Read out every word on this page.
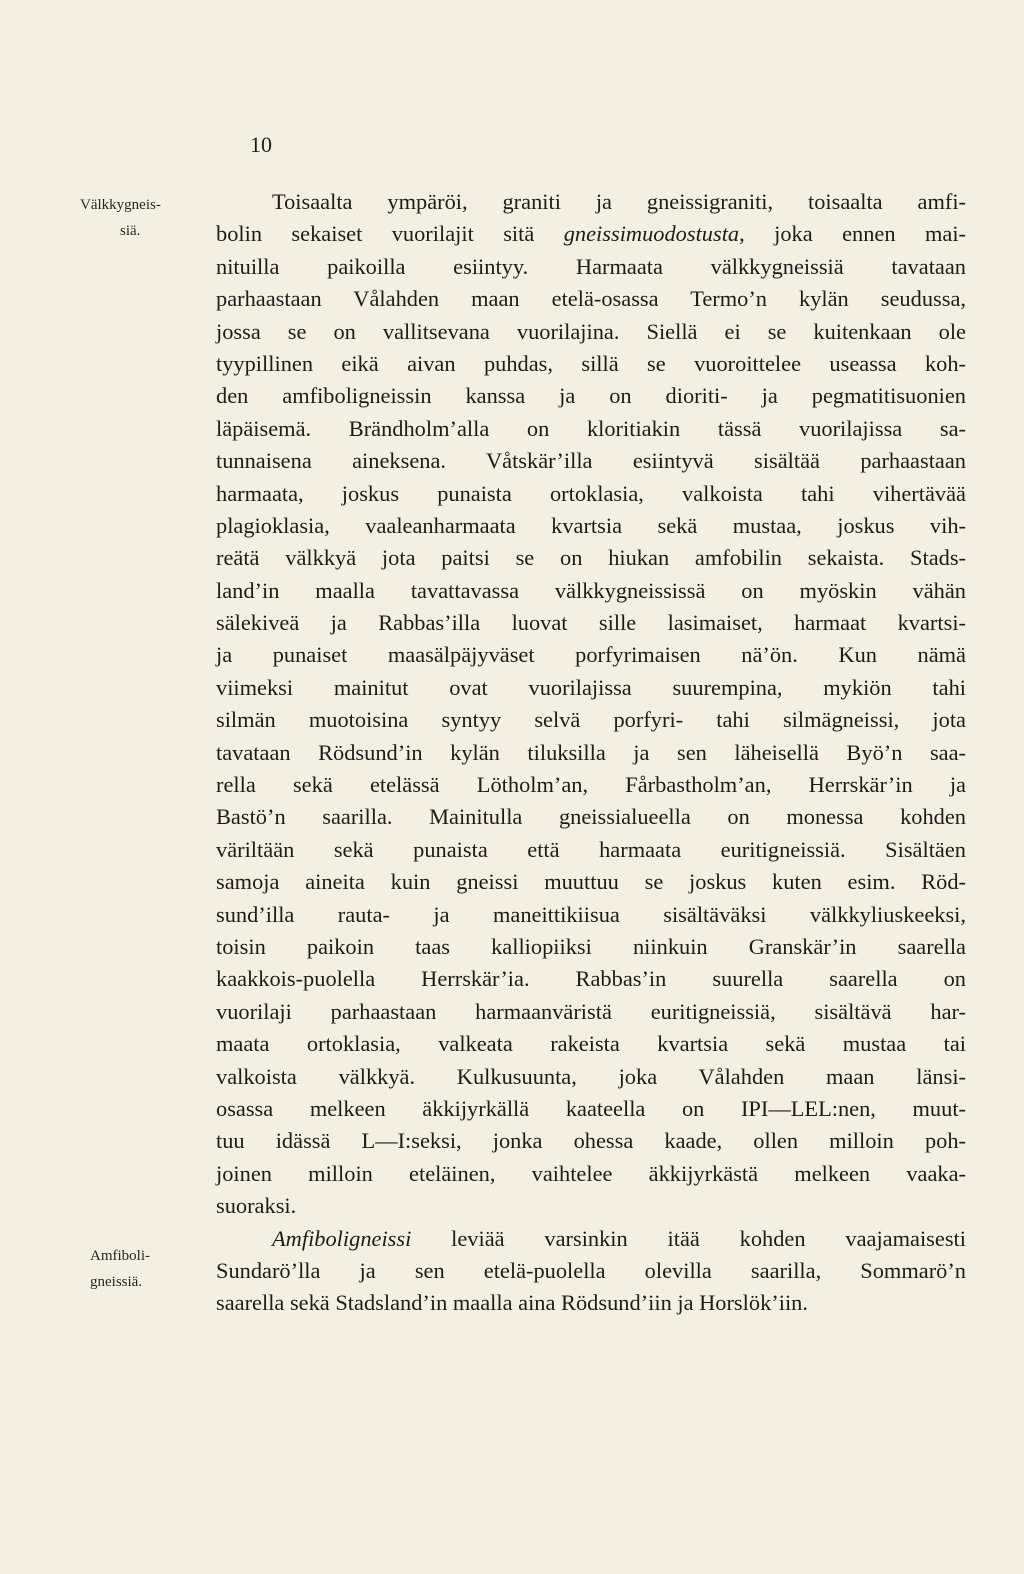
10
Välkkygneis-
siä.
Amfiboli-
gneissiä.
Toisaalta ympäröi, graniti ja gneissigraniti, toisaalta amfi-
bolin sekaiset vuorilajit sitä gneissimuodostusta, joka ennen mai-
nituilla paikoilla esiintyy. Harmaata välkkygneissiä tavataan
parhaastaan Vålahden maan etelä-osassa Termo’n kylän seudussa,
jossa se on vallitsevana vuorilajina. Siellä ei se kuitenkaan ole
tyypillinen eikä aivan puhdas, sillä se vuoroittelee useassa koh-
den amfiboligneissin kanssa ja on dioriti- ja pegmatitisuonien
läpäisemä. Brändholm’alla on kloritiakin tässä vuorilajissa sa-
tunnaisena aineksena. Våtskär’illa esiintyvä sisältää parhaastaan
harmaata, joskus punaista ortoklasia, valkoista tahi vihertävää
plagioklasia, vaaleanharmaata kvartsia sekä mustaa, joskus vih-
reätä välkkyä jota paitsi se on hiukan amfobilin sekaista. Stads-
land’in maalla tavattavassa välkkygneississä on myöskin vähän
sälekiveä ja Rabbas’illa luovat sille lasimaiset, harmaat kvartsi-
ja punaiset maasälpäjyväset porfyrimaisen nä’ön. Kun nämä
viimeksi mainitut ovat vuorilajissa suurempina, mykiön tahi
silmän muotoisina syntyy selvä porfyri- tahi silmägneissi, jota
tavataan Rödsund’in kylän tiluksilla ja sen läheisellä Byö’n saa-
rella sekä etelässä Lötholm’an, Fårbastholm’an, Herrskär’in ja
Bastö’n saarilla. Mainitulla gneissialueella on monessa kohden
väriltään sekä punaista että harmaata euritigneissiä. Sisältäen
samoja aineita kuin gneissi muuttuu se joskus kuten esim. Röd-
sund’illa rauta- ja maneittikiisua sisältäväksi välkkyliuskeeksi,
toisin paikoin taas kalliopiiksi niinkuin Granskär’in saarella
kaakkois-puolella Herrskär’ia. Rabbas’in suurella saarella on
vuorilaji parhaastaan harmaanväristä euritigneissiä, sisältävä har-
maata ortoklasia, valkeata rakeista kvartsia sekä mustaa tai
valkoista välkkyä. Kulkusuunta, joka Vålahden maan länsi-
osassa melkeen äkkijyrkällä kaateella on IPI—LEL:nen, muut-
tuu idässä L—I:seksi, jonka ohessa kaade, ollen milloin poh-
joinen milloin eteläinen, vaihtelee äkkijyrkästä melkeen vaaka-
suoraksi.
Amfiboligneissi leviää varsinkin itää kohden vaajamaisesti
Sundarö’lla ja sen etelä-puolella olevilla saarilla, Sommarö’n
saarella sekä Stadsland’in maalla aina Rödsund’iin ja Horslök’iin.
